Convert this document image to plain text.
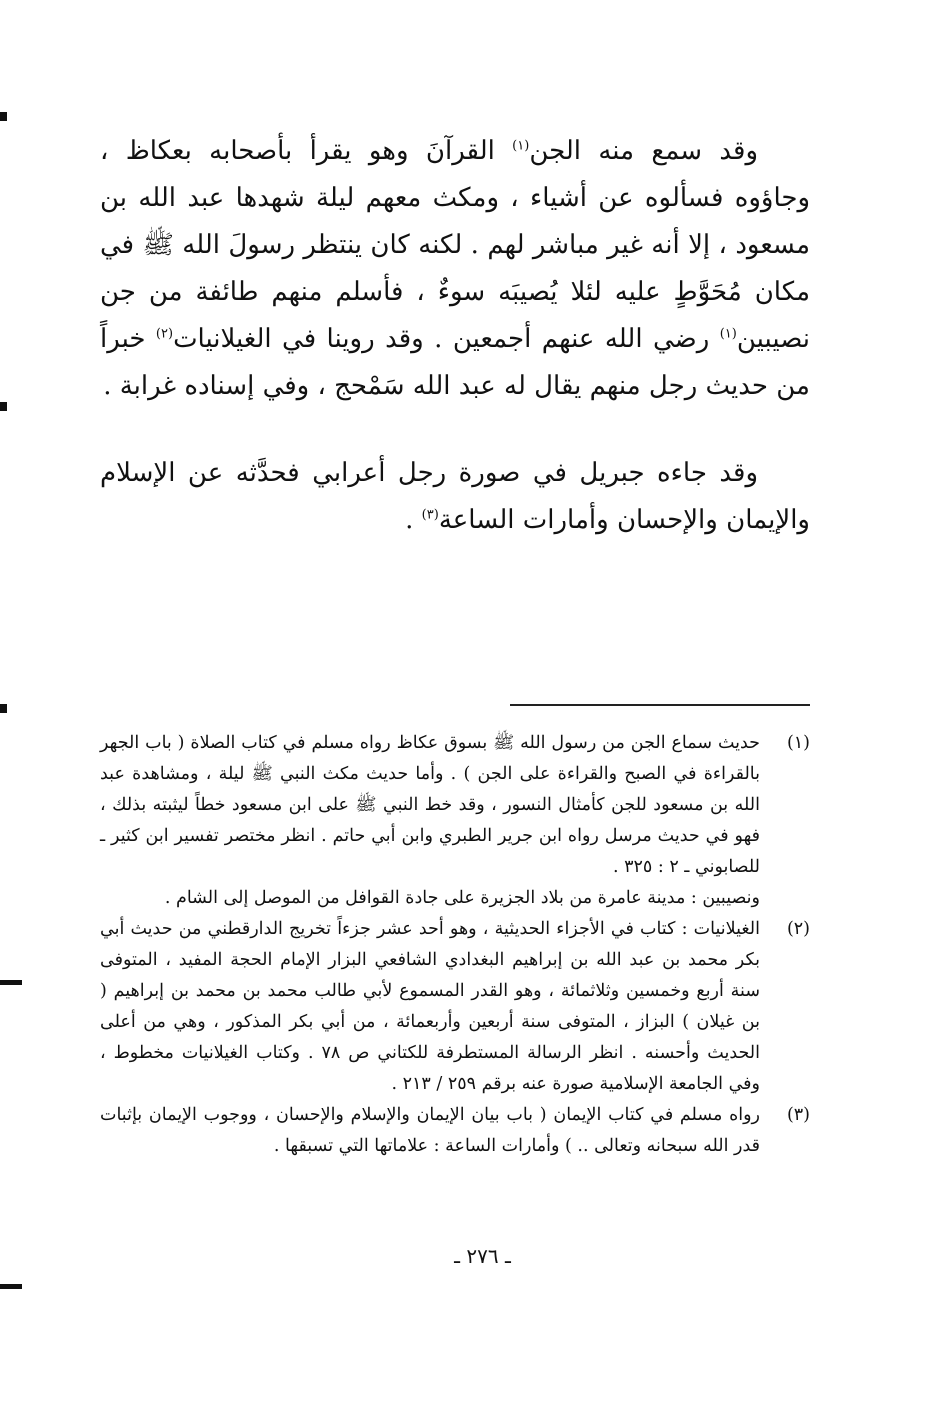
وقد سمع منه الجن$^{(١)}$ القرآنَ وهو يقرأ بأصحابه بعكاظ ، وجاؤوه فسألوه عن أشياء ، ومكث معهم ليلة شهدها عبد الله بن مسعود ، إلا أنه غير مباشر لهم . لكنه كان ينتظر رسولَ الله ﷺ في مكان مُحَوَّطٍ عليه لئلا يُصيبَه سوءٌ ، فأسلم منهم طائفة من جن نصيبين$^{(١)}$ رضي الله عنهم أجمعين . وقد روينا في الغيلانيات$^{(٢)}$ خبراً من حديث رجل منهم يقال له عبد الله سَمْحج ، وفي إسناده غرابة .

وقد جاءه جبريل في صورة رجل أعرابي فحدَّثه عن الإسلام والإيمان والإحسان وأمارات الساعة$^{(٣)}$ .

(١)

حديث سماع الجن من رسول الله ﷺ بسوق عكاظ رواه مسلم في كتاب الصلاة ( باب الجهر بالقراءة في الصبح والقراءة على الجن ) . وأما حديث مكث النبي ﷺ ليلة ، ومشاهدة عبد الله بن مسعود للجن كأمثال النسور ، وقد خط النبي ﷺ على ابن مسعود خطاً ليثبته بذلك ، فهو في حديث مرسل رواه ابن جرير الطبري وابن أبي حاتم . انظر مختصر تفسير ابن كثير ـ للصابوني ـ ٢ : ٣٢٥ .

ونصيبين : مدينة عامرة من بلاد الجزيرة على جادة القوافل من الموصل إلى الشام .

(٢)

الغيلانيات : كتاب في الأجزاء الحديثية ، وهو أحد عشر جزءاً تخريج الدارقطني من حديث أبي بكر محمد بن عبد الله بن إبراهيم البغدادي الشافعي البزار الإمام الحجة المفيد ، المتوفى سنة أربع وخمسين وثلاثمائة ، وهو القدر المسموع لأبي طالب محمد بن محمد بن إبراهيم ( بن غيلان ) البزاز ، المتوفى سنة أربعين وأربعمائة ، من أبي بكر المذكور ، وهي من أعلى الحديث وأحسنه . انظر الرسالة المستطرفة للكتاني ص ٧٨ . وكتاب الغيلانيات مخطوط ، وفي الجامعة الإسلامية صورة عنه برقم ٢٥٩ / ٢١٣ .

(٣)

رواه مسلم في كتاب الإيمان ( باب بيان الإيمان والإسلام والإحسان ، ووجوب الإيمان بإثبات قدر الله سبحانه وتعالى .. ) وأمارات الساعة : علاماتها التي تسبقها .

ـ ٢٧٦ ـ
